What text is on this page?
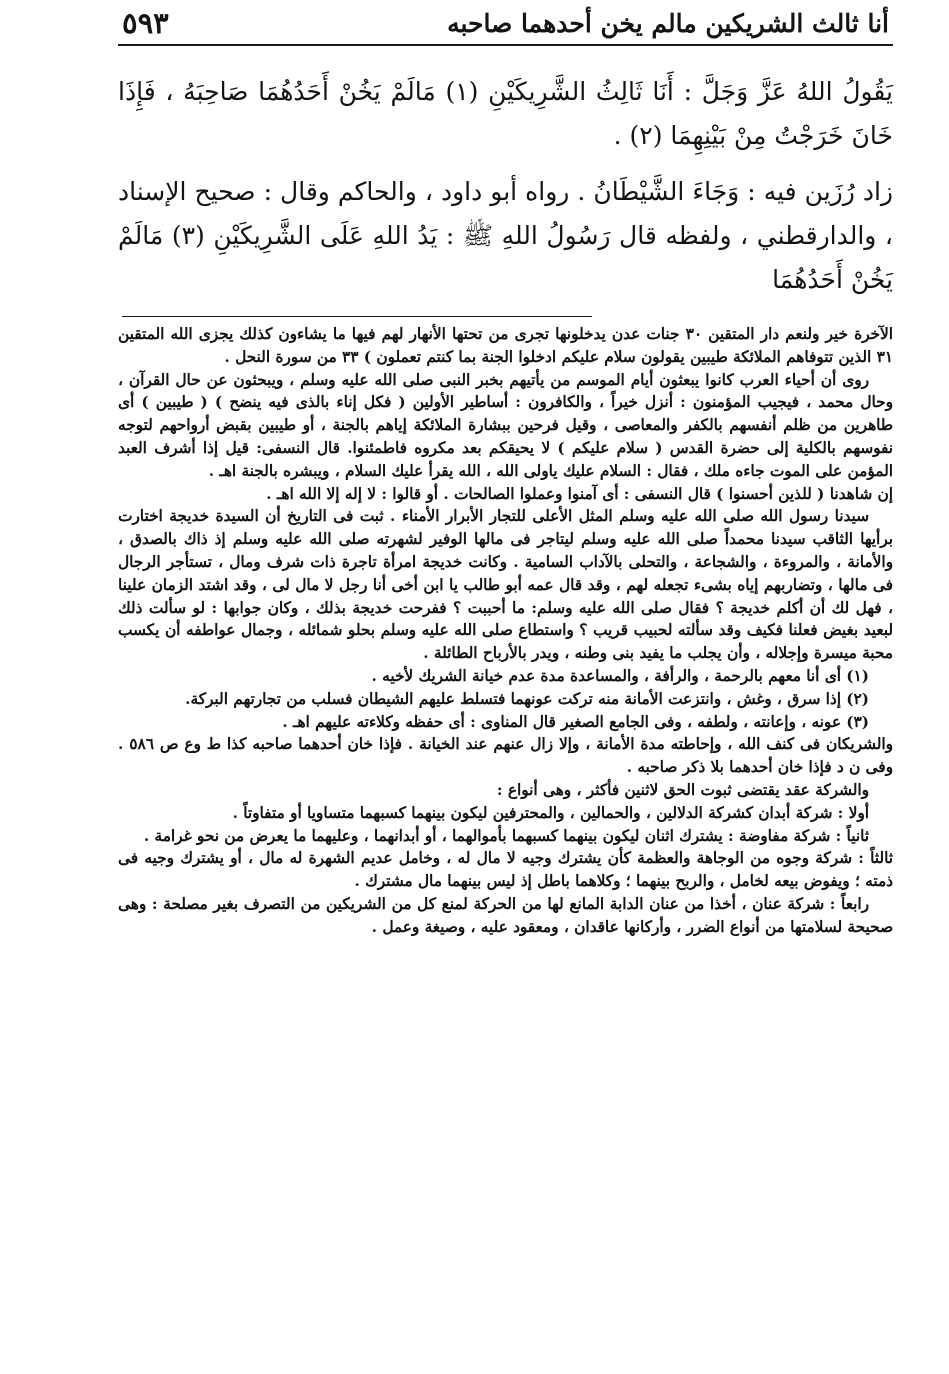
أنا ثالث الشريكين مالم يخن أحدهما صاحبه
٥٩٣

يَقُولُ اللهُ عَزَّ وَجَلَّ : أَنَا ثَالِثُ الشَّرِيكَيْنِ (١) مَالَمْ يَخُنْ أَحَدُهُمَا صَاحِبَهُ ، فَإِذَا خَانَ خَرَجْتُ مِنْ بَيْنِهِمَا (٢) .

زاد رُزَين فيه : وَجَاءَ الشَّيْطَانُ . رواه أبو داود ، والحاكم وقال : صحيح الإسناد ، والدارقطني ، ولفظه قال رَسُولُ اللهِ ﷺ : يَدُ اللهِ عَلَى الشَّرِيكَيْنِ (٣) مَالَمْ يَخُنْ أَحَدُهُمَا

الآخرة خير ولنعم دار المتقين ٣٠ جنات عدن يدخلونها تجرى من تحتها الأنهار لهم فيها ما يشاءون كذلك يجزى الله المتقين ٣١ الذين تتوفاهم الملائكة طيبين يقولون سلام عليكم ادخلوا الجنة بما كنتم تعملون ) ٣٣ من سورة النحل .

روى أن أحياء العرب كانوا يبعثون أيام الموسم من يأتيهم بخبر النبى صلى الله عليه وسلم ، ويبحثون عن حال القرآن ، وحال محمد ، فيجيب المؤمنون : أنزل خيراً ، والكافرون : أساطير الأولين ( فكل إناء بالذى فيه ينضح ) ( طيبين ) أى طاهرين من ظلم أنفسهم بالكفر والمعاصى ، وقيل فرحين ببشارة الملائكة إياهم بالجنة ، أو طيبين بقبض أرواحهم لتوجه نفوسهم بالكلية إلى حضرة القدس ( سلام عليكم ) لا يحيقكم بعد مكروه فاطمئنوا. قال النسفى: قيل إذا أشرف العبد المؤمن على الموت جاءه ملك ، فقال : السلام عليك ياولى الله ، الله يقرأ عليك السلام ، ويبشره بالجنة اهـ .

إن شاهدنا ( للذين أحسنوا ) قال النسفى : أى آمنوا وعملوا الصالحات . أو قالوا : لا إله إلا الله اهـ .

سيدنا رسول الله صلى الله عليه وسلم المثل الأعلى للتجار الأبرار الأمناء . ثبت فى التاريخ أن السيدة خديجة اختارت برأيها الثاقب سيدنا محمداً صلى الله عليه وسلم ليتاجر فى مالها الوفير لشهرته صلى الله عليه وسلم إذ ذاك بالصدق ، والأمانة ، والمروءة ، والشجاعة ، والتحلى بالآداب السامية . وكانت خديجة امرأة تاجرة ذات شرف ومال ، تستأجر الرجال فى مالها ، وتضاربهم إياه بشىء تجعله لهم ، وقد قال عمه أبو طالب يا ابن أخى أنا رجل لا مال لى ، وقد اشتد الزمان علينا ، فهل لك أن أكلم خديجة ؟ فقال صلى الله عليه وسلم: ما أحببت ؟ ففرحت خديجة بذلك ، وكان جوابها : لو سألت ذلك لبعيد بغيض فعلنا فكيف وقد سألته لحبيب قريب ؟ واستطاع صلى الله عليه وسلم بحلو شمائله ، وجمال عواطفه أن يكسب محبة ميسرة وإجلاله ، وأن يجلب ما يفيد بنى وطنه ، ويدر بالأرباح الطائلة .

(١) أى أنا معهم بالرحمة ، والرأفة ، والمساعدة مدة عدم خيانة الشريك لأخيه .

(٢) إذا سرق ، وغش ، وانتزعت الأمانة منه تركت عونهما فتسلط عليهم الشيطان فسلب من تجارتهم البركة.

(٣) عونه ، وإعانته ، ولطفه ، وفى الجامع الصغير قال المناوى : أى حفظه وكلاءته عليهم اهـ .

والشريكان فى كنف الله ، وإحاطته مدة الأمانة ، وإلا زال عنهم عند الخيانة . فإذا خان أحدهما صاحبه كذا ط وع ص ٥٨٦ . وفى ن د فإذا خان أحدهما بلا ذكر صاحبه .

والشركة عقد يقتضى ثبوت الحق لاثنين فأكثر ، وهى أنواع :

أولا : شركة أبدان كشركة الدلالين ، والحمالين ، والمحترفين ليكون بينهما كسبهما متساويا أو متفاوتاً .

ثانياً : شركة مفاوضة : يشترك اثنان ليكون بينهما كسبهما بأموالهما ، أو أبدانهما ، وعليهما ما يعرض من نحو غرامة .

ثالثاً : شركة وجوه من الوجاهة والعظمة كأن يشترك وجيه لا مال له ، وخامل عديم الشهرة له مال ، أو يشترك وجيه فى ذمته ؛ ويفوض بيعه لخامل ، والربح بينهما ؛ وكلاهما باطل إذ ليس بينهما مال مشترك .

رابعاً : شركة عنان ، أخذا من عنان الدابة المانع لها من الحركة لمنع كل من الشريكين من التصرف بغير مصلحة : وهى صحيحة لسلامتها من أنواع الضرر ، وأركانها عاقدان ، ومعقود عليه ، وصيغة وعمل .
